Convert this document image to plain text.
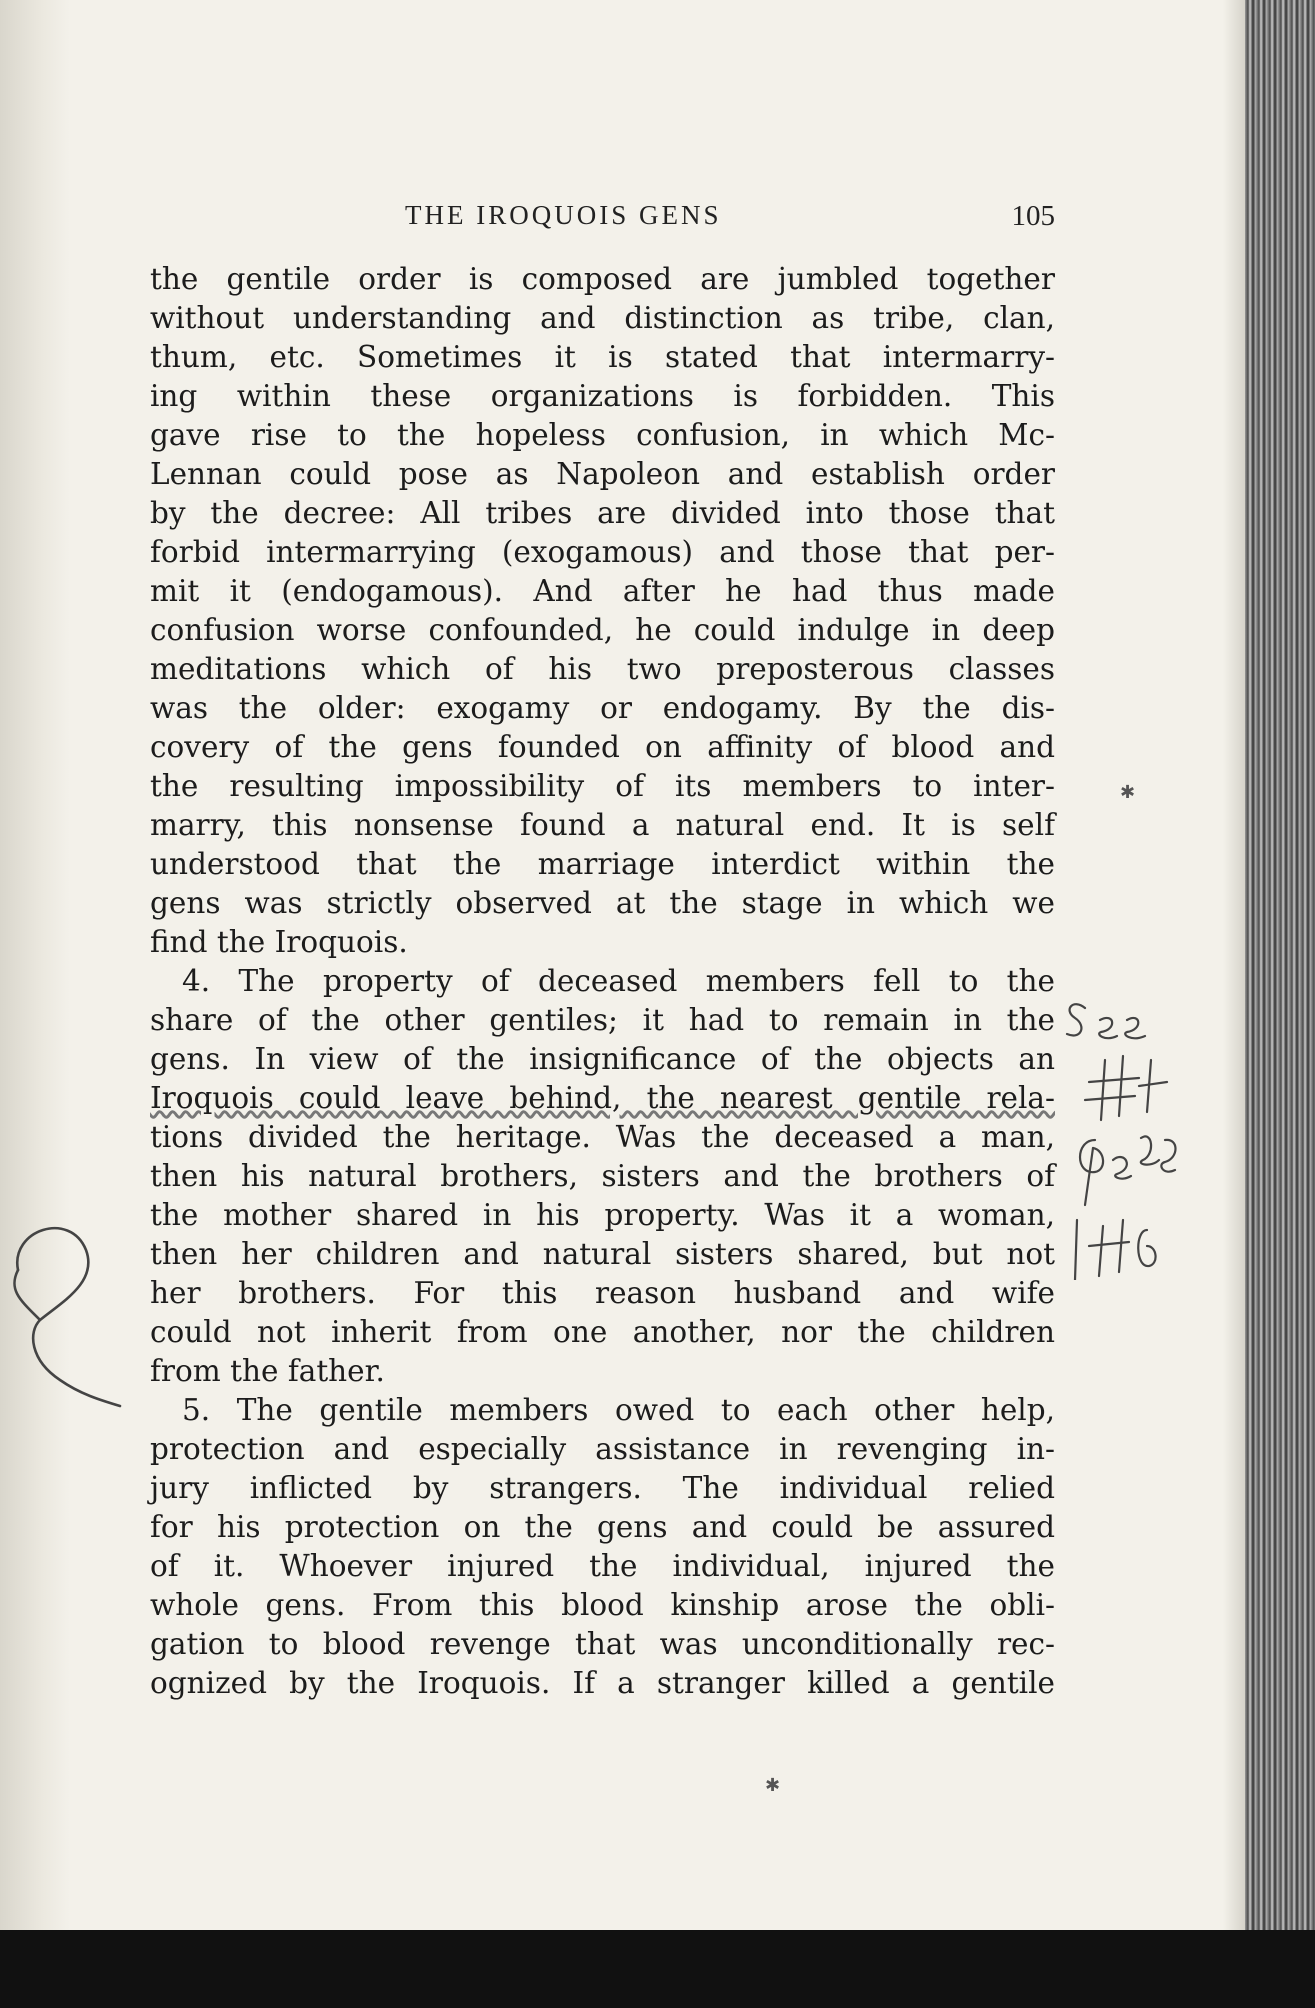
THE IROQUOIS GENS	105
the gentile order is composed are jumbled together
without understanding and distinction as tribe, clan,
thum, etc. Sometimes it is stated that intermarry-
ing within these organizations is forbidden. This
gave rise to the hopeless confusion, in which Mc-
Lennan could pose as Napoleon and establish order
by the decree: All tribes are divided into those that
forbid intermarrying (exogamous) and those that per-
mit it (endogamous). And after he had thus made
confusion worse confounded, he could indulge in deep
meditations which of his two preposterous classes
was the older: exogamy or endogamy. By the dis-
covery of the gens founded on affinity of blood and
the resulting impossibility of its members to inter-
marry, this nonsense found a natural end. It is self
understood that the marriage interdict within the
gens was strictly observed at the stage in which we
find the Iroquois.
4. The property of deceased members fell to the
share of the other gentiles; it had to remain in the
gens. In view of the insignificance of the objects an
Iroquois could leave behind, the nearest gentile rela-
tions divided the heritage. Was the deceased a man,
then his natural brothers, sisters and the brothers of
the mother shared in his property. Was it a woman,
then her children and natural sisters shared, but not
her brothers. For this reason husband and wife
could not inherit from one another, nor the children
from the father.
5. The gentile members owed to each other help,
protection and especially assistance in revenging in-
jury inflicted by strangers. The individual relied
for his protection on the gens and could be assured
of it. Whoever injured the individual, injured the
whole gens. From this blood kinship arose the obli-
gation to blood revenge that was unconditionally rec-
ognized by the Iroquois. If a stranger killed a gentile
See #4 page 146
?
✱
✱
